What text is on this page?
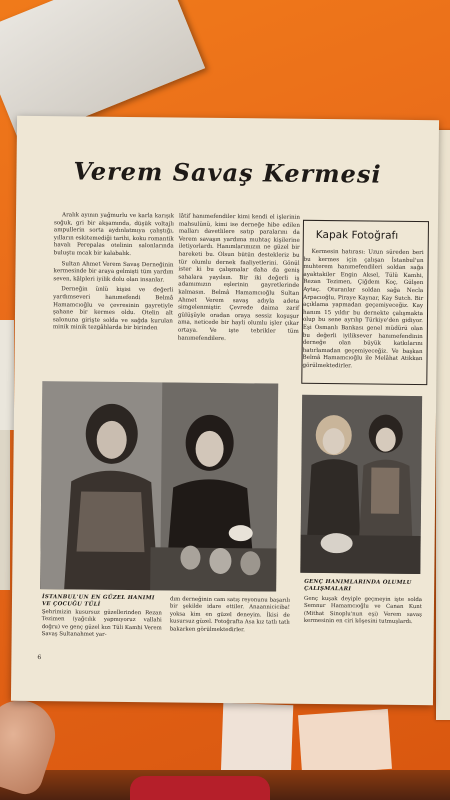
Verem Savaş Kermesi

Aralık ayının yağmurlu ve karla karışık soğuk, gri bir akşamında, düşük voltajlı ampullerin sorta aydınlatmıya çalıştığı, yılların eskitemediği tarihi, koku romantik havalı Perepalas otelinin salonlarında buluştu mcak bir kalabalık.

Sultan Ahmet Verem Savaş Derneğinin kermesinde bir araya gelmişti tüm yardım seven, kâlpleri iyilik dolu olan insanlar.

Derneğin ünlü kişisi ve değerli yardımseveri hanımefendi Belmâ Hamamcıoğlu ve çevresinin gayretiyle şahane bir kermes oldu. Otelin alt salonuna girişte solda ve sağda kurulan minik minik tezgâhlarda bir birinden

lâtif hanımefendiler kimi kendi el işlerinin mahsulünü, kimi ise derneğe hibe edilen malları davetlilere satıp paralarını da Verem savaşın yardıma muhtaç kişilerine iletiyorlardı. Hanımlarımızın ne güzel bir hareketi bu. Olsun bütün destekleriz bu tür olumlu dernek faaliyetlerini. Gönül ister ki bu çalışmalar daha da geniş sahalara yayılsın. Bir iki değerli iş adamımızın eşlerinin gayretlerinde kalmasın. Belmâ Hamamcıoğlu Sultan Ahmet Verem savaş adıyla adeta simgelenmiştir. Çevrede daima zarif gülüşüyle oradan oraya sessiz koşuşur ama, neticede bir hayli olumlu işler çıkar ortaya. Ve işte tebrikler tüm hanımefendilere.

Kapak Fotoğrafı

Kermesin hatırası: Uzun süreden beri bu kermes için çalışan İstanbul'un muhterem hanımefendileri soldan sağa ayaktakiler Engin Aksel, Tülü Kamhi, Rezan Tezimen, Çiğdem Koç, Gülşen Aytaç. Oturanlar soldan sağa Necla Arpacıoğlu, Piraye Kaynar, Kay Sutch. Bir açıklama yapmadan geçemiyeceğiz. Kay hanım 15 yıldır bu dernekte çalışmakta olup bu sene ayrılıp Türkiye'den gidiyor. Eşi Osmanlı Bankası genel müdürü olan bu değerli iyiliksever hanımefendinin derneğe olan büyük katkılarını hatırlamadan geçemiyeceğiz. Ve başkan Belmâ Hamamcıoğlu ile Melâhat Atikkan görülmektedirler.

İSTANBUL'UN EN GÜZEL HANIMI VE ÇOCUĞU TÜLİ
Şehrimizin kusursuz güzellerinden Rezan Tezimen (yağcılık yapmıyoruz vallahi doğru) ve genç güzel kızı Tüli Kamhi Verem Savaş Sultanahmet yar-
dım derneğinin cam satış reyonunu başarılı bir şekilde idare ettiler. Anaanniciciba! yoksa kim en güzel deneyim. İkisi de kusursuz güzel. Fotoğrafta Asa kız tatlı tatlı bakarken görülmektedirler.
GENÇ HANIMLARINDA OLUMLU ÇALIŞMALARI
Genç kuşak deyiple geçmeyin işte solda Semnur Hamamcıoğlu ve Canan Kunt (Mithat Sinoplu'nun eşi) Verem savaş kermesinin en ciri köşesini tutmuşlardı.
6
